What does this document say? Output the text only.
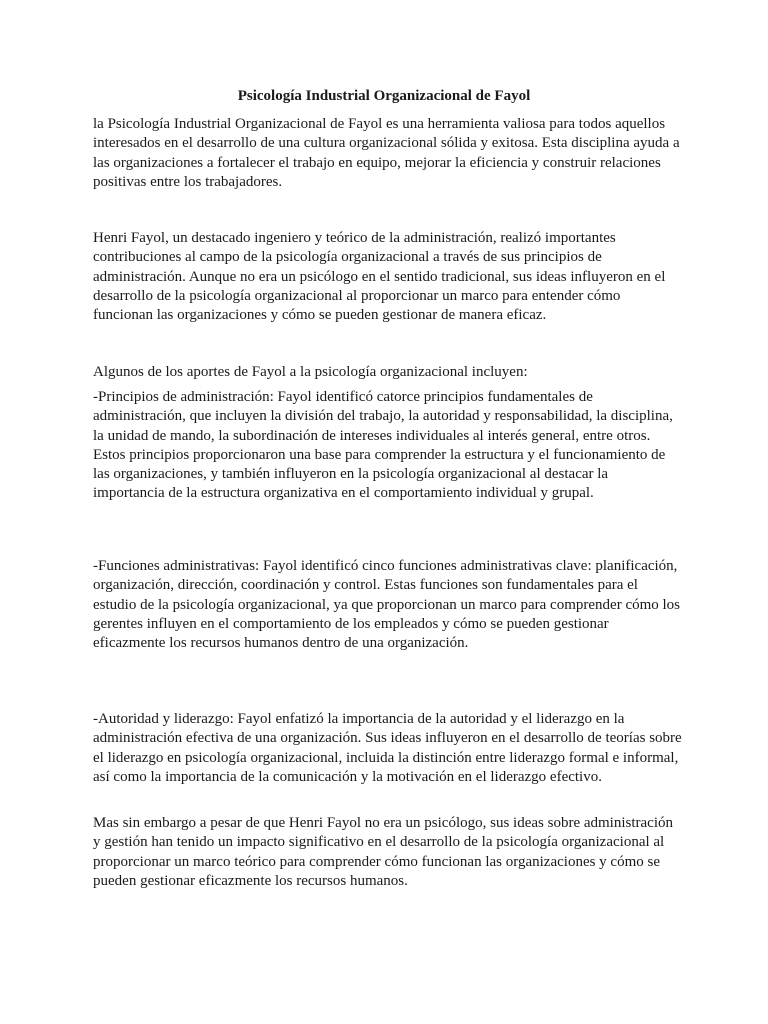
Psicología Industrial Organizacional de Fayol

la Psicología Industrial Organizacional de Fayol es una herramienta valiosa para todos aquellos interesados en el desarrollo de una cultura organizacional sólida y exitosa. Esta disciplina ayuda a las organizaciones a fortalecer el trabajo en equipo, mejorar la eficiencia y construir relaciones positivas entre los trabajadores.

Henri Fayol, un destacado ingeniero y teórico de la administración, realizó importantes contribuciones al campo de la psicología organizacional a través de sus principios de administración. Aunque no era un psicólogo en el sentido tradicional, sus ideas influyeron en el desarrollo de la psicología organizacional al proporcionar un marco para entender cómo funcionan las organizaciones y cómo se pueden gestionar de manera eficaz.

Algunos de los aportes de Fayol a la psicología organizacional incluyen:

-Principios de administración: Fayol identificó catorce principios fundamentales de administración, que incluyen la división del trabajo, la autoridad y responsabilidad, la disciplina, la unidad de mando, la subordinación de intereses individuales al interés general, entre otros. Estos principios proporcionaron una base para comprender la estructura y el funcionamiento de las organizaciones, y también influyeron en la psicología organizacional al destacar la importancia de la estructura organizativa en el comportamiento individual y grupal.

-Funciones administrativas: Fayol identificó cinco funciones administrativas clave: planificación, organización, dirección, coordinación y control. Estas funciones son fundamentales para el estudio de la psicología organizacional, ya que proporcionan un marco para comprender cómo los gerentes influyen en el comportamiento de los empleados y cómo se pueden gestionar eficazmente los recursos humanos dentro de una organización.

-Autoridad y liderazgo: Fayol enfatizó la importancia de la autoridad y el liderazgo en la administración efectiva de una organización. Sus ideas influyeron en el desarrollo de teorías sobre el liderazgo en psicología organizacional, incluida la distinción entre liderazgo formal e informal, así como la importancia de la comunicación y la motivación en el liderazgo efectivo.

Mas sin embargo a pesar de que Henri Fayol no era un psicólogo, sus ideas sobre administración y gestión han tenido un impacto significativo en el desarrollo de la psicología organizacional al proporcionar un marco teórico para comprender cómo funcionan las organizaciones y cómo se pueden gestionar eficazmente los recursos humanos.
